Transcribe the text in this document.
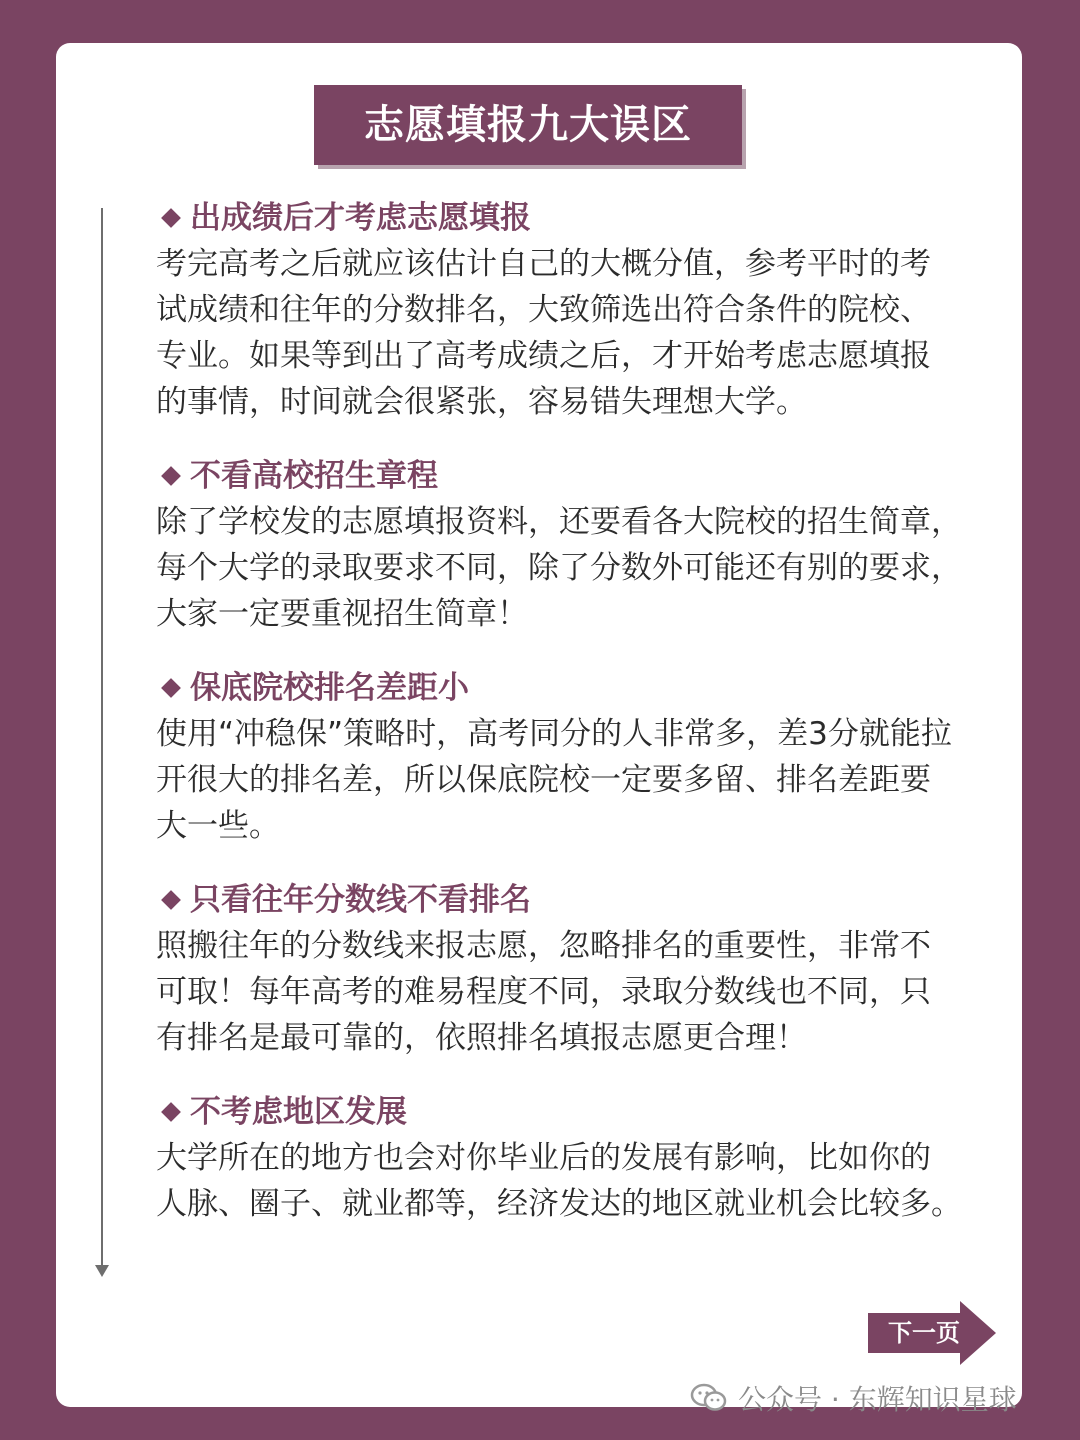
志愿填报九大误区
出成绩后才考虑志愿填报
考完高考之后就应该估计自己的大概分值，参考平时的考
试成绩和往年的分数排名，大致筛选出符合条件的院校、
专业。如果等到出了高考成绩之后，才开始考虑志愿填报
的事情，时间就会很紧张，容易错失理想大学。
不看高校招生章程
除了学校发的志愿填报资料，还要看各大院校的招生简章，
每个大学的录取要求不同，除了分数外可能还有别的要求，
大家一定要重视招生简章！
保底院校排名差距小
使用“冲稳保”策略时，高考同分的人非常多，差3分就能拉
开很大的排名差，所以保底院校一定要多留、排名差距要
大一些。
只看往年分数线不看排名
照搬往年的分数线来报志愿，忽略排名的重要性，非常不
可取！每年高考的难易程度不同，录取分数线也不同，只
有排名是最可靠的，依照排名填报志愿更合理！
不考虑地区发展
大学所在的地方也会对你毕业后的发展有影响，比如你的
人脉、圈子、就业都等，经济发达的地区就业机会比较多。
下一页
公众号 · 东辉知识星球
